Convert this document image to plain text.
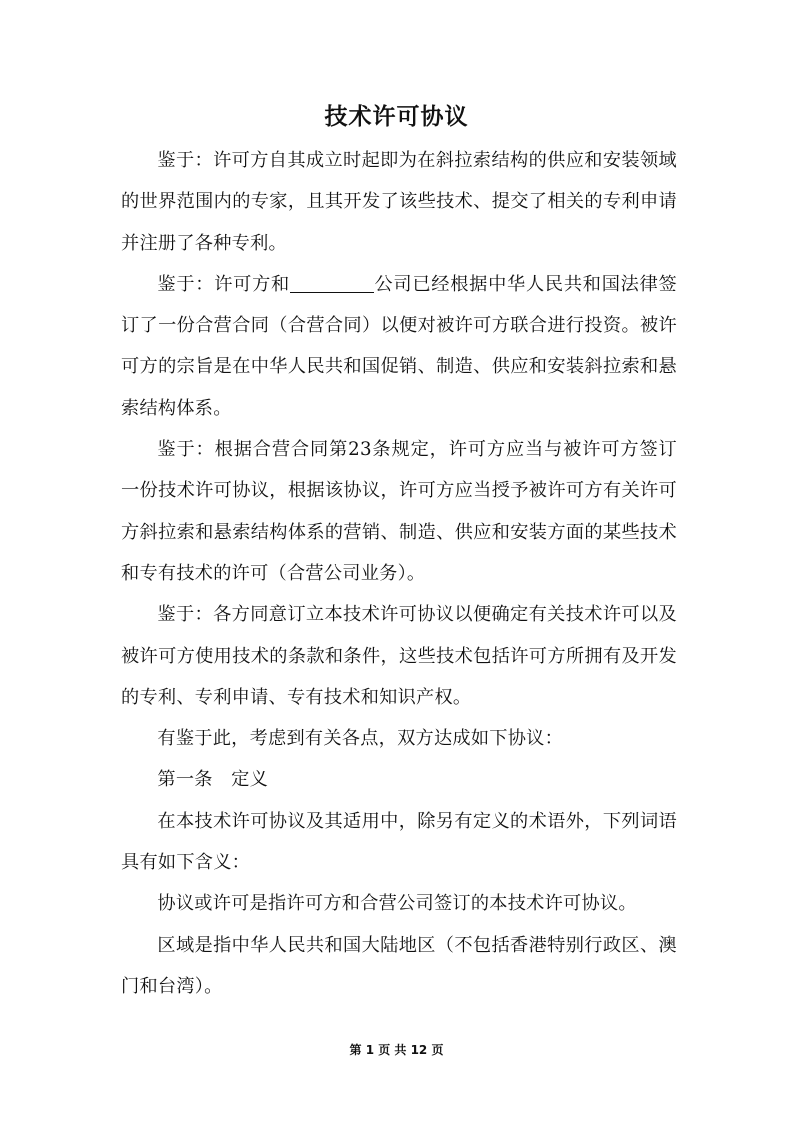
技术许可协议

鉴于：许可方自其成立时起即为在斜拉索结构的供应和安装领域的世界范围内的专家，且其开发了该些技术、提交了相关的专利申请并注册了各种专利。

鉴于：许可方和	公司已经根据中华人民共和国法律签订了一份合营合同（合营合同）以便对被许可方联合进行投资。被许可方的宗旨是在中华人民共和国促销、制造、供应和安装斜拉索和悬索结构体系。

鉴于：根据合营合同第23条规定，许可方应当与被许可方签订一份技术许可协议，根据该协议，许可方应当授予被许可方有关许可方斜拉索和悬索结构体系的营销、制造、供应和安装方面的某些技术和专有技术的许可（合营公司业务）。

鉴于：各方同意订立本技术许可协议以便确定有关技术许可以及被许可方使用技术的条款和条件，这些技术包括许可方所拥有及开发的专利、专利申请、专有技术和知识产权。

有鉴于此，考虑到有关各点，双方达成如下协议：

第一条　定义

在本技术许可协议及其适用中，除另有定义的术语外，下列词语具有如下含义：

协议或许可是指许可方和合营公司签订的本技术许可协议。

区域是指中华人民共和国大陆地区（不包括香港特别行政区、澳门和台湾）。

第 1 页 共 12 页
